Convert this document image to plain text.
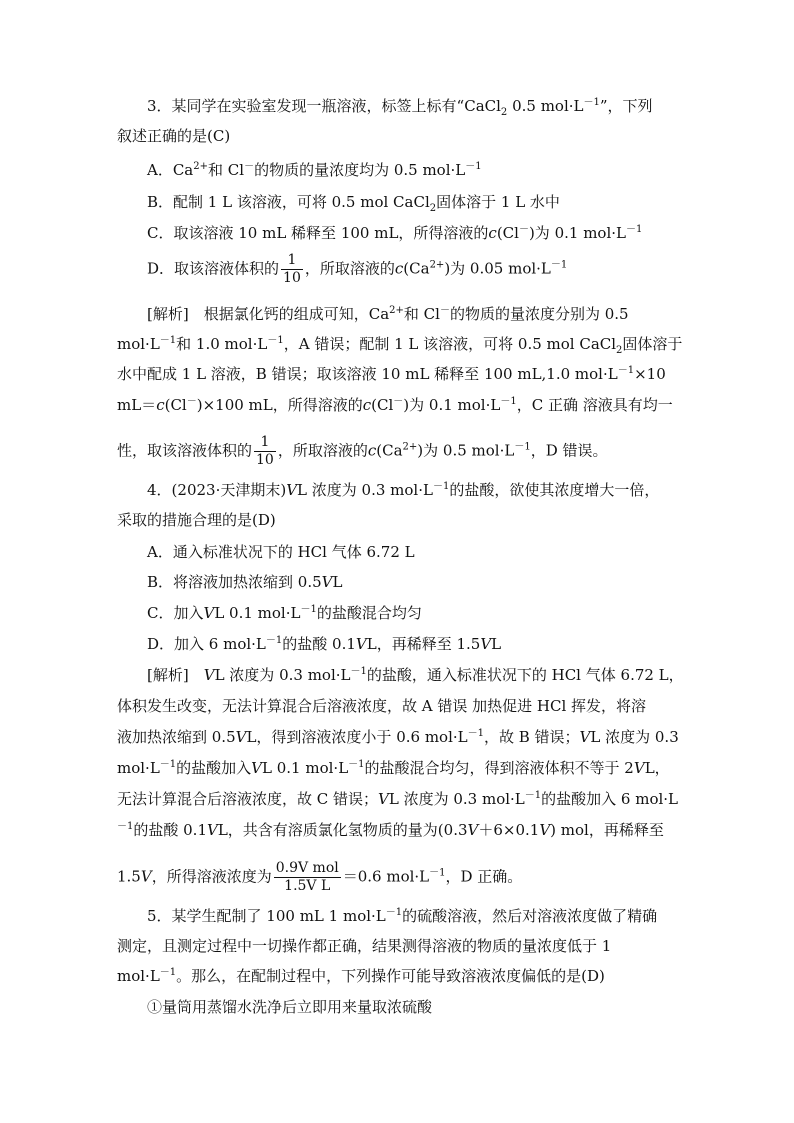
3．某同学在实验室发现一瓶溶液，标签上标有“CaCl$_2$ 0.5 $mol\cdot L^{-1}$”，下列
叙述正确的是(C)
A．$Ca^{2+}$和 Cl－的物质的量浓度均为 0.5 $mol\cdot L^{-1}$
B．配制 1 L 该溶液，可将 0.5 mol CaCl$_2$固体溶于 1 L 水中
C．取该溶液 10 mL 稀释至 100 mL，所得溶液的c(Cl－)为 0.1 $mol\cdot L^{-1}$
D．取该溶液体积的 $\frac{1}{10}$ ，所取溶液的$c(Ca^{2+})$为 0.05 $mol\cdot L^{-1}$
[解析]　根据氯化钙的组成可知，$Ca^{2+}$和 Cl－的物质的量浓度分别为 0.5
$mol\cdot L^{-1}$和 1.0 $mol\cdot L^{-1}$，A 错误；配制 1 L 该溶液，可将 0.5 mol CaCl$_2$固体溶于
水中配成 1 L 溶液，B 错误；取该溶液 10 mL 稀释至 100 mL,1.0 $mol\cdot L^{-1}\times 10$
mL＝c(Cl－)×100 mL，所得溶液的c(Cl－)为 0.1 $mol\cdot L^{-1}$，C 正确 溶液具有均一
性，取该溶液体积的 $\frac{1}{10}$ ，所取溶液的$c(Ca^{2+})$为 0.5 $mol\cdot L^{-1}$，D 错误。
4．(2023·天津期末)VL 浓度为 0.3 $mol\cdot L^{-1}$的盐酸，欲使其浓度增大一倍，
采取的措施合理的是(D)
A．通入标准状况下的 HCl 气体 6.72 L
B．将溶液加热浓缩到 0.5VL
C．加入VL 0.1 $mol\cdot L^{-1}$的盐酸混合均匀
D．加入 6 $mol\cdot L^{-1}$的盐酸 0.1VL，再稀释至 1.5VL
[解析]　 VL 浓度为 0.3 $mol\cdot L^{-1}$的盐酸，通入标准状况下的 HCl 气体 6.72 L，
体积发生改变，无法计算混合后溶液浓度，故 A 错误 加热促进 HCl 挥发，将溶
液加热浓缩到 0.5VL，得到溶液浓度小于 0.6 $mol\cdot L^{-1}$，故 B 错误；VL 浓度为 0.3
$mol\cdot L^{-1}$的盐酸加入VL 0.1 $mol\cdot L^{-1}$的盐酸混合均匀，得到溶液体积不等于 2VL，
无法计算混合后溶液浓度，故 C 错误；VL 浓度为 0.3 $mol\cdot L^{-1}$的盐酸加入 6 mol·L
$^{-1}$的盐酸 0.1VL，共含有溶质氯化氢物质的量为(0.3V＋6×0.1V) mol，再稀释至
1.5V，所得溶液浓度为 $\frac{\text{0.9V mol}}{\text{1.5V L}} =0.6$ $mol\cdot L^{-1}$，D 正确。
5．某学生配制了 100 mL 1 $mol\cdot L^{-1}$的硫酸溶液，然后对溶液浓度做了精确
测定，且测定过程中一切操作都正确，结果测得溶液的物质的量浓度低于 1
$mol\cdot L^{-1}$。那么，在配制过程中，下列操作可能导致溶液浓度偏低的是(D)
①量筒用蒸馏水洗净后立即用来量取浓硫酸
